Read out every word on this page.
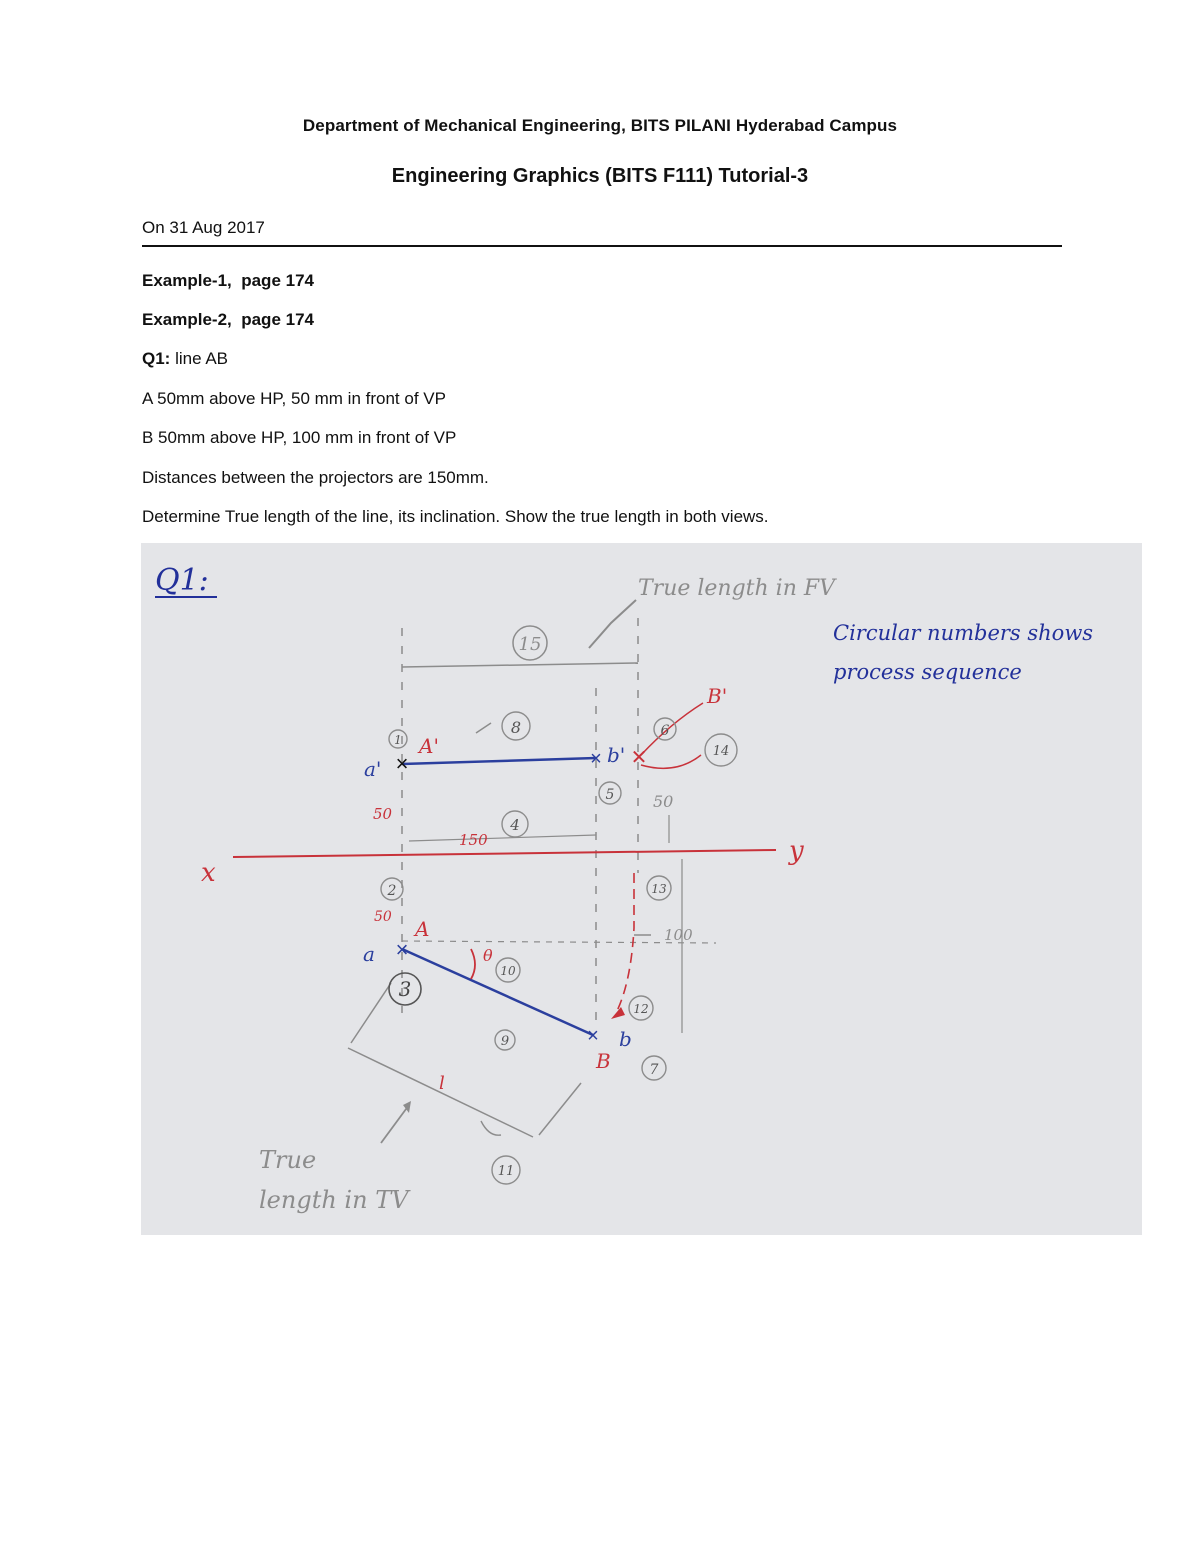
Department of Mechanical Engineering, BITS PILANI Hyderabad Campus
Engineering Graphics (BITS F111) Tutorial-3
On 31 Aug 2017
Example-1, page 174
Example-2, page 174
Q1: line AB
A 50mm above HP, 50 mm in front of VP
B 50mm above HP, 100 mm in front of VP
Distances between the projectors are 150mm.
Determine True length of the line, its inclination. Show the true length in both views.
Q1:	True length in FV
Circular numbers shows
process sequence
15
x
y
×	× ✕
a'
A'	b'
B'
×
×
a
A
b
B
θ
50
50
50
150
100
l
True
length in TV
1
2
3
4
5
6
7
8
9
10
11
12
13
14
